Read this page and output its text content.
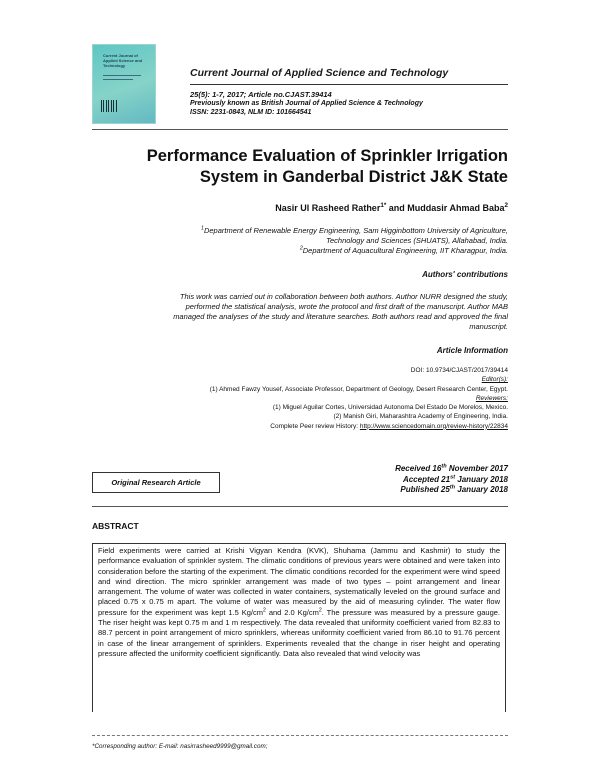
Current Journal of Applied Science and Technology
Current Journal of Applied Science and Technology
25(5): 1-7, 2017; Article no.CJAST.39414
Previously known as British Journal of Applied Science & Technology
ISSN: 2231-0843, NLM ID: 101664541
Performance Evaluation of Sprinkler Irrigation
System in Ganderbal District J&K State
Nasir Ul Rasheed Rather$^{1*}$ and Muddasir Ahmad Baba$^2$
$^1$Department of Renewable Energy Engineering, Sam Higginbottom University of Agriculture,
Technology and Sciences (SHUATS), Allahabad, India.
$^2$Department of Aquacultural Engineering, IIT Kharagpur, India.
Authors' contributions
This work was carried out in collaboration between both authors. Author NURR designed the study,
performed the statistical analysis, wrote the protocol and first draft of the manuscript. Author MAB
managed the analyses of the study and literature searches. Both authors read and approved the final
manuscript.
Article Information
DOI: 10.9734/CJAST/2017/39414
Editor(s):
(1) Ahmed Fawzy Yousef, Associate Professor, Department of Geology, Desert Research Center, Egypt.
Reviewers:
(1) Miguel Aguilar Cortes, Universidad Autonoma Del Estado De Morelos, Mexico.
(2) Manish Giri, Maharashtra Academy of Engineering, India.
Complete Peer review History: http://www.sciencedomain.org/review-history/22834
Original Research Article
Received 16th November 2017
Accepted 21st January 2018
Published 25th January 2018
ABSTRACT
Field experiments were carried at Krishi Vigyan Kendra (KVK), Shuhama (Jammu and Kashmir) to study the performance evaluation of sprinkler system. The climatic conditions of previous years were obtained and were taken into consideration before the starting of the experiment. The climatic conditions recorded for the experiment were wind speed and wind direction. The micro sprinkler arrangement was made of two types – point arrangement and linear arrangement. The volume of water was collected in water containers, systematically leveled on the ground surface and placed 0.75 x 0.75 m apart. The volume of water was measured by the aid of measuring cylinder. The water flow pressure for the experiment was kept 1.5 $Kg/cm^2$ and 2.0 $Kg/cm^2$. The pressure was measured by a pressure gauge. The riser height was kept 0.75 m and 1 m respectively. The data revealed that uniformity coefficient varied from 82.83 to 88.7 percent in point arrangement of micro sprinklers, whereas uniformity coefficient varied from 86.10 to 91.76 percent in case of the linear arrangement of sprinklers. Experiments revealed that the change in riser height and operating pressure affected the uniformity coefficient significantly. Data also revealed that wind velocity was
*Corresponding author: E-mail: nasirrasheed9999@gmail.com;
